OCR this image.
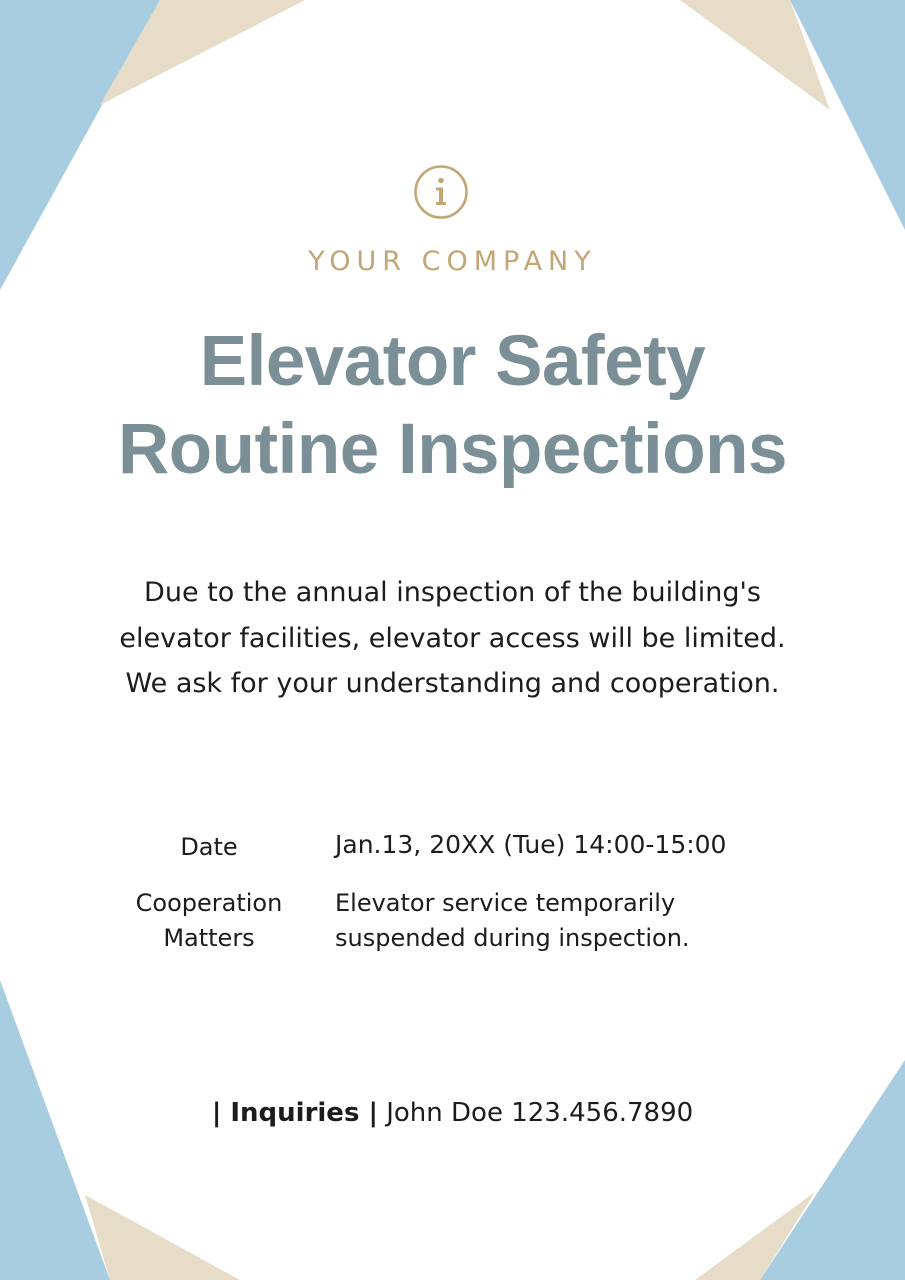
YOUR COMPANY
Elevator Safety
Routine Inspections
Due to the annual inspection of the building's
elevator facilities, elevator access will be limited.
We ask for your understanding and cooperation.
Date	Jan.13, 20XX (Tue) 14:00-15:00
Cooperation
Matters
Elevator service temporarily
suspended during inspection.
| Inquiries | John Doe 123.456.7890
